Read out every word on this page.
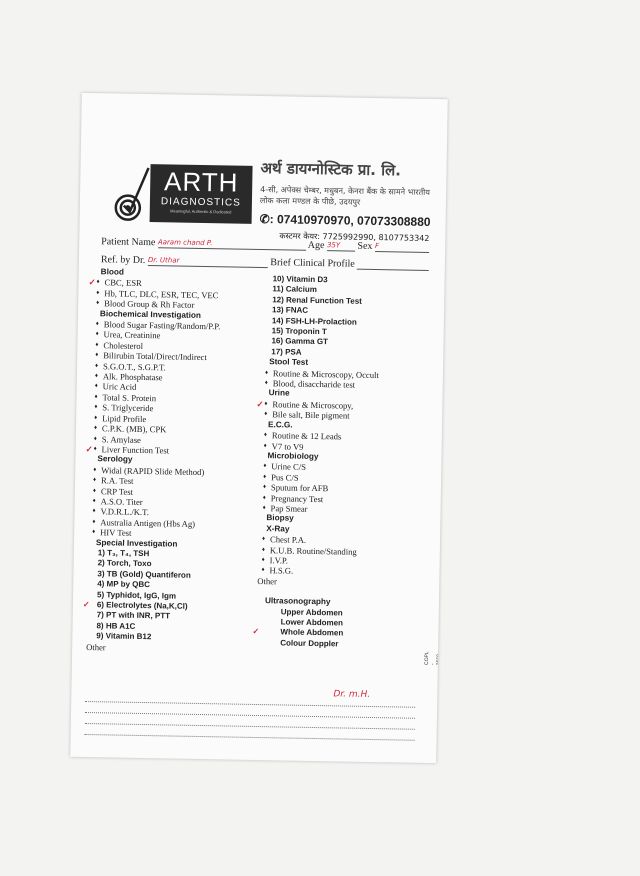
ARTH
DIAGNOSTICS
Meaningful, Authentic & Dedicated
अर्थ डायग्नोस्टिक प्रा. लि.
4-सी, अपेक्स चेम्बर, मधुबन, केनरा बैंक के सामने भारतीय लोक कला मण्डल के पीछे, उदयपुर
✆: 07410970970, 07073308880
कस्टमर केयर: 7725992990, 8107753342
Patient Name Aaram chand P.	Age 35Y Sex F
Ref. by Dr. Dr. Uthar	Brief Clinical Profile
Blood
✓ ♦ CBC, ESR
♦ Hb, TLC, DLC, ESR, TEC, VEC
♦ Blood Group & Rh Factor
Biochemical Investigation
♦ Blood Sugar Fasting/Random/P.P.
♦ Urea, Creatinine
♦ Cholesterol
♦ Bilirubin Total/Direct/Indirect
♦ S.G.O.T., S.G.P.T.
♦ Alk. Phosphatase
♦ Uric Acid
♦ Total S. Protein
♦ S. Triglyceride
♦ Lipid Profile
♦ C.P.K. (MB), CPK
♦ S. Amylase
✓ ♦ Liver Function Test
Serology
♦ Widal (RAPID Slide Method)
♦ R.A. Test
♦ CRP Test
♦ A.S.O. Titer
♦ V.D.R.L./K.T.
♦ Australia Antigen (Hbs Ag)
♦ HIV Test
Special Investigation
1) T₃, T₄, TSH
2) Torch, Toxo
3) TB (Gold) Quantiferon
4) MP by QBC
5) Typhidot, IgG, Igm
✓ 6) Electrolytes (Na,K,Cl)
7) PT with INR, PTT
8) HB A1C
9) Vitamin B12
Other
10) Vitamin D3
11) Calcium
12) Renal Function Test
13) FNAC
14) FSH-LH-Prolaction
15) Troponin T
16) Gamma GT
17) PSA
Stool Test
♦ Routine & Microscopy, Occult
♦ Blood, disaccharide test
Urine
✓ ♦ Routine & Microscopy,
♦ Bile salt, Bile pigment
E.C.G.
♦ Routine & 12 Leads
♦ V7 to V9
Microbiology
♦ Urine C/S
♦ Pus C/S
♦ Sputum for AFB
♦ Pregnancy Test
♦ Pap Smear
Biopsy
X-Ray
♦ Chest P.A.
♦ K.U.B. Routine/Standing
♦ I.V.P.
♦ H.S.G.
Other
Ultrasonography
Upper Abdomen
Lower Abdomen
✓	Whole Abdomen
Colour Doppler
Dr. m.H.
COPL - 3558
